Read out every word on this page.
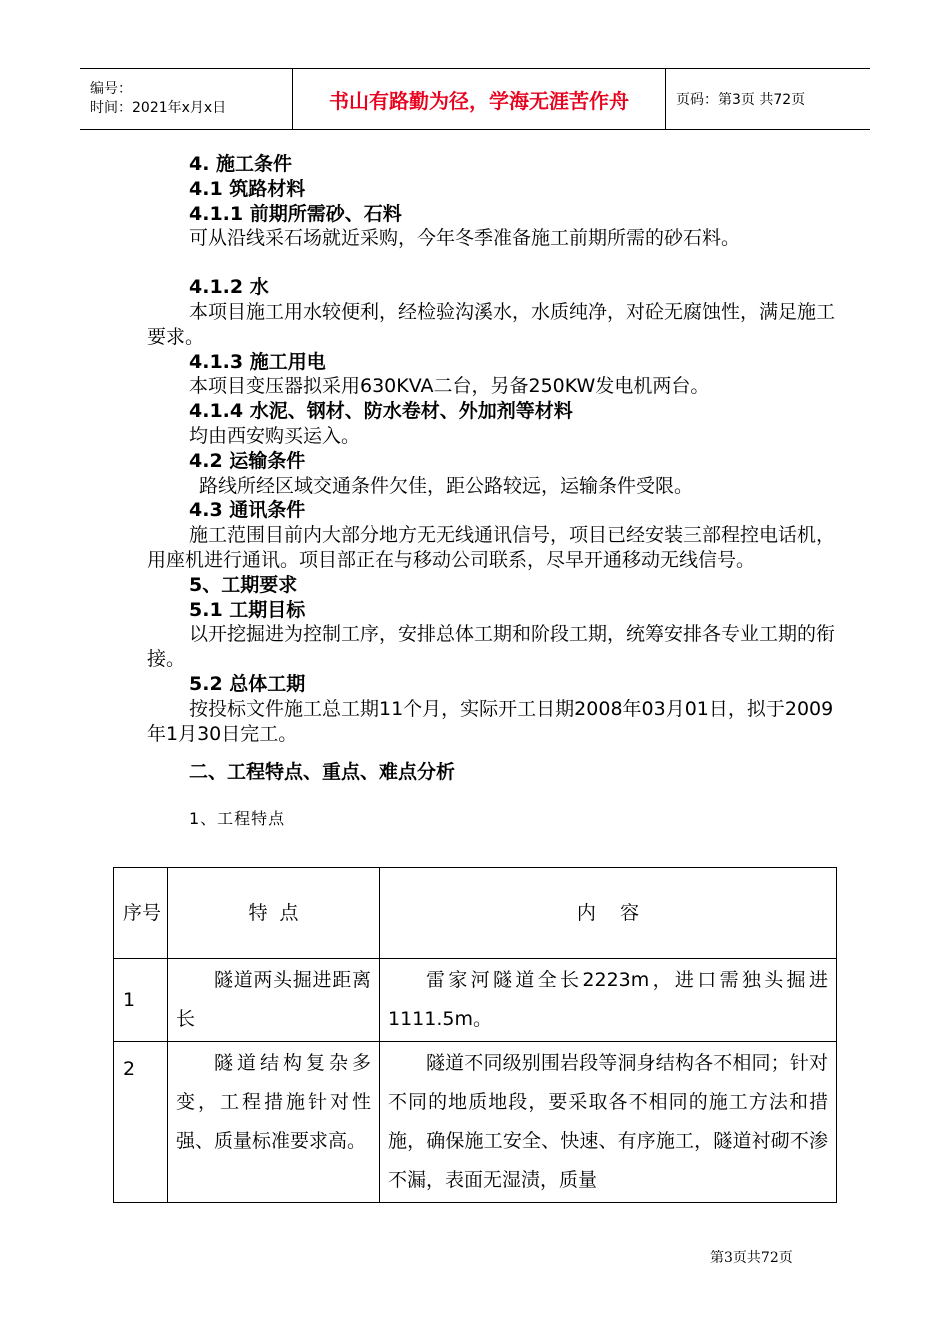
编号：
时间：2021年x月x日	书山有路勤为径，学海无涯苦作舟	页码：第3页 共72页

4. 施工条件

4.1 筑路材料

4.1.1 前期所需砂、石料

可从沿线采石场就近采购，今年冬季准备施工前期所需的砂石料。

4.1.2 水

本项目施工用水较便利，经检验沟溪水，水质纯净，对砼无腐蚀性，满足施工要求。

4.1.3 施工用电

本项目变压器拟采用630KVA二台，另备250KW发电机两台。

4.1.4 水泥、钢材、防水卷材、外加剂等材料

均由西安购买运入。

4.2 运输条件

路线所经区域交通条件欠佳，距公路较远，运输条件受限。

4.3 通讯条件

施工范围目前内大部分地方无无线通讯信号，项目已经安装三部程控电话机，用座机进行通讯。项目部正在与移动公司联系，尽早开通移动无线信号。

5、工期要求

5.1 工期目标

以开挖掘进为控制工序，安排总体工期和阶段工期，统筹安排各专业工期的衔接。

5.2 总体工期

按投标文件施工总工期11个月，实际开工日期2008年03月01日，拟于2009年1月30日完工。

二、工程特点、重点、难点分析

1、工程特点

序号	特  点	内    容
1	隧道两头掘进距离长	雷家河隧道全长2223m，进口需独头掘进1111.5m。
2	隧道结构复杂多变，工程措施针对性强、质量标准要求高。	隧道不同级别围岩段等洞身结构各不相同；针对不同的地质地段，要采取各不相同的施工方法和措施，确保施工安全、快速、有序施工，隧道衬砌不渗不漏，表面无湿渍，质量
第3页共72页
